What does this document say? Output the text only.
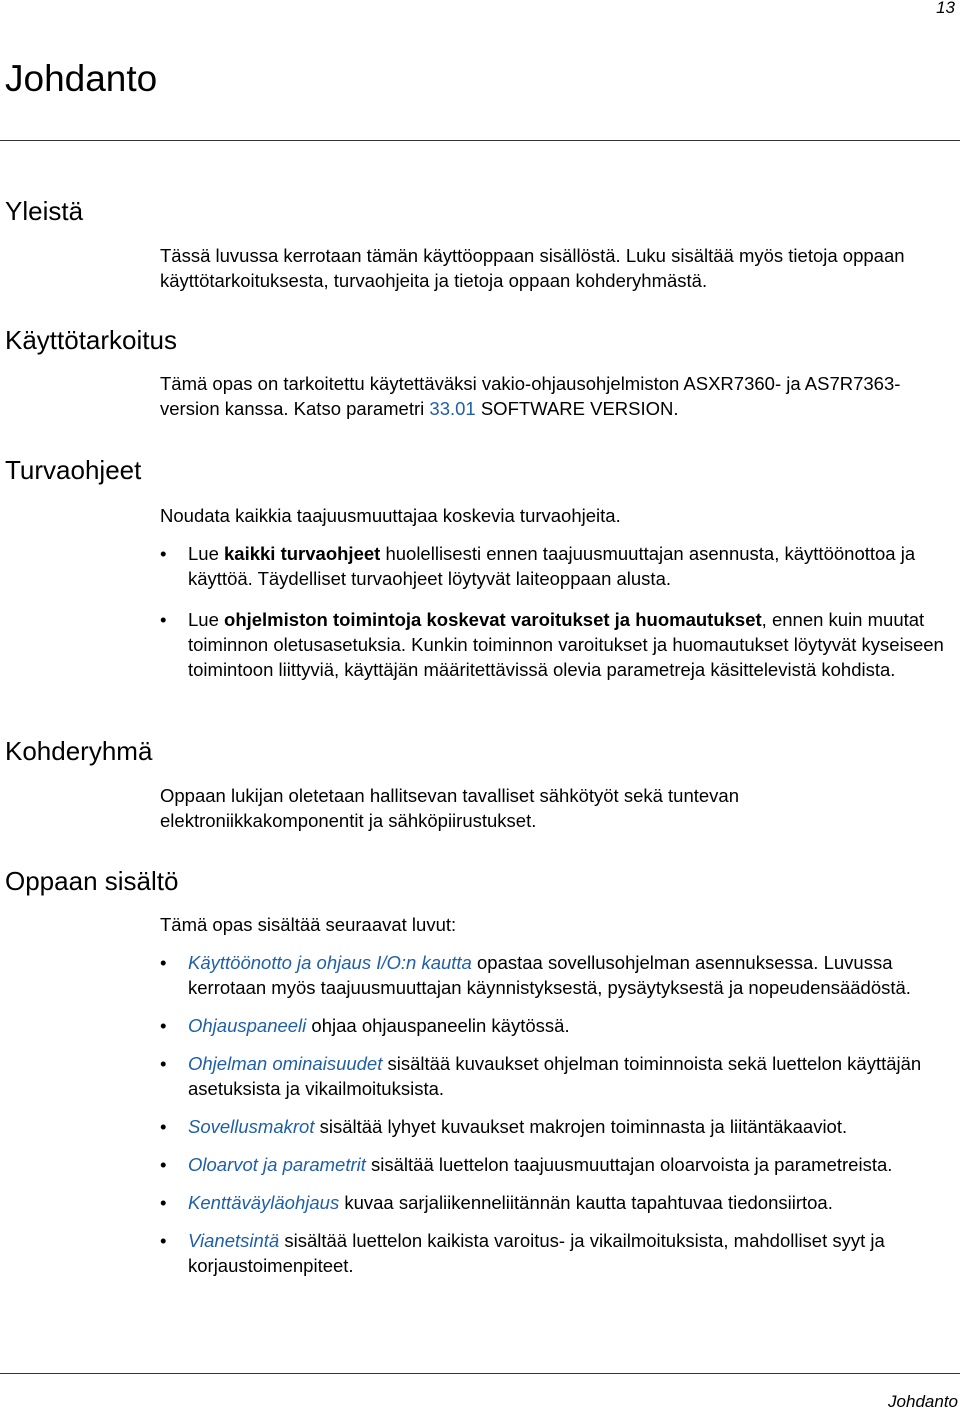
13
Johdanto
Yleistä

Tässä luvussa kerrotaan tämän käyttöoppaan sisällöstä. Luku sisältää myös tietoja oppaan käyttötarkoituksesta, turvaohjeita ja tietoja oppaan kohderyhmästä.

Käyttötarkoitus

Tämä opas on tarkoitettu käytettäväksi vakio-ohjausohjelmiston ASXR7360- ja AS7R7363-version kanssa. Katso parametri 33.01 SOFTWARE VERSION.

Turvaohjeet

Noudata kaikkia taajuusmuuttajaa koskevia turvaohjeita.

• Lue kaikki turvaohjeet huolellisesti ennen taajuusmuuttajan asennusta, käyttöönottoa ja käyttöä. Täydelliset turvaohjeet löytyvät laiteoppaan alusta.
• Lue ohjelmiston toimintoja koskevat varoitukset ja huomautukset, ennen kuin muutat toiminnon oletusasetuksia. Kunkin toiminnon varoitukset ja huomautukset löytyvät kyseiseen toimintoon liittyviä, käyttäjän määritettävissä olevia parametreja käsittelevistä kohdista.
Kohderyhmä

Oppaan lukijan oletetaan hallitsevan tavalliset sähkötyöt sekä tuntevan elektroniikkakomponentit ja sähköpiirustukset.

Oppaan sisältö

Tämä opas sisältää seuraavat luvut:

• Käyttöönotto ja ohjaus I/O:n kautta opastaa sovellusohjelman asennuksessa. Luvussa kerrotaan myös taajuusmuuttajan käynnistyksestä, pysäytyksestä ja nopeudensäädöstä.
• Ohjauspaneeli ohjaa ohjauspaneelin käytössä.
• Ohjelman ominaisuudet sisältää kuvaukset ohjelman toiminnoista sekä luettelon käyttäjän asetuksista ja vikailmoituksista.
• Sovellusmakrot sisältää lyhyet kuvaukset makrojen toiminnasta ja liitäntäkaaviot.
• Oloarvot ja parametrit sisältää luettelon taajuusmuuttajan oloarvoista ja parametreista.
• Kenttäväyläohjaus kuvaa sarjaliikenneliitännän kautta tapahtuvaa tiedonsiirtoa.
• Vianetsintä sisältää luettelon kaikista varoitus- ja vikailmoituksista, mahdolliset syyt ja korjaustoimenpiteet.
Johdanto
